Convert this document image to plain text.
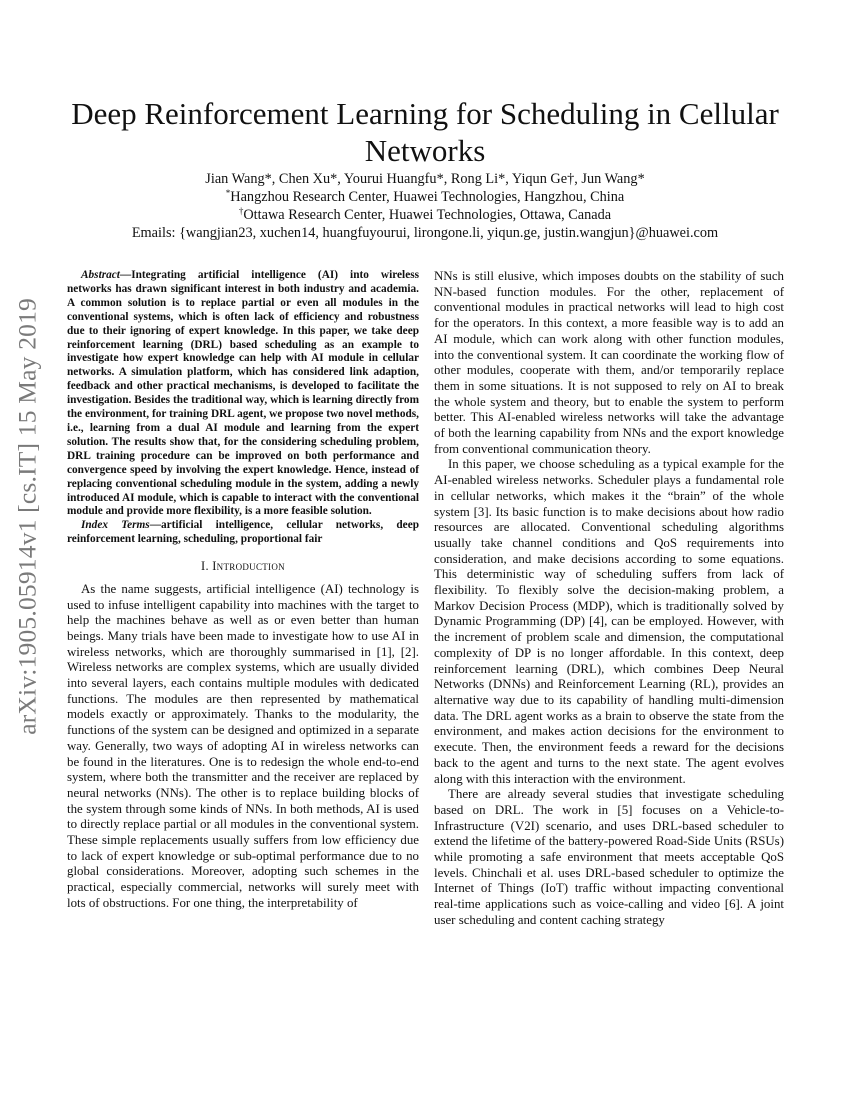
arXiv:1905.05914v1 [cs.IT] 15 May 2019
Deep Reinforcement Learning for Scheduling in Cellular Networks
Jian Wang*, Chen Xu*, Yourui Huangfu*, Rong Li*, Yiqun Ge†, Jun Wang*
*Hangzhou Research Center, Huawei Technologies, Hangzhou, China
†Ottawa Research Center, Huawei Technologies, Ottawa, Canada
Emails: {wangjian23, xuchen14, huangfuyourui, lirongone.li, yiqun.ge, justin.wangjun}@huawei.com

Abstract—Integrating artificial intelligence (AI) into wireless networks has drawn significant interest in both industry and academia. A common solution is to replace partial or even all modules in the conventional systems, which is often lack of efficiency and robustness due to their ignoring of expert knowledge. In this paper, we take deep reinforcement learning (DRL) based scheduling as an example to investigate how expert knowledge can help with AI module in cellular networks. A simulation platform, which has considered link adaption, feedback and other practical mechanisms, is developed to facilitate the investigation. Besides the traditional way, which is learning directly from the environment, for training DRL agent, we propose two novel methods, i.e., learning from a dual AI module and learning from the expert solution. The results show that, for the considering scheduling problem, DRL training procedure can be improved on both performance and convergence speed by involving the expert knowledge. Hence, instead of replacing conventional scheduling module in the system, adding a newly introduced AI module, which is capable to interact with the conventional module and provide more flexibility, is a more feasible solution.

Index Terms—artificial intelligence, cellular networks, deep reinforcement learning, scheduling, proportional fair

I. Introduction

As the name suggests, artificial intelligence (AI) technology is used to infuse intelligent capability into machines with the target to help the machines behave as well as or even better than human beings. Many trials have been made to investigate how to use AI in wireless networks, which are thoroughly summarised in [1], [2]. Wireless networks are complex systems, which are usually divided into several layers, each contains multiple modules with dedicated functions. The modules are then represented by mathematical models exactly or approximately. Thanks to the modularity, the functions of the system can be designed and optimized in a separate way. Generally, two ways of adopting AI in wireless networks can be found in the literatures. One is to redesign the whole end-to-end system, where both the transmitter and the receiver are replaced by neural networks (NNs). The other is to replace building blocks of the system through some kinds of NNs. In both methods, AI is used to directly replace partial or all modules in the conventional system. These simple replacements usually suffers from low efficiency due to lack of expert knowledge or sub-optimal performance due to no global considerations. Moreover, adopting such schemes in the practical, especially commercial, networks will surely meet with lots of obstructions. For one thing, the interpretability of

NNs is still elusive, which imposes doubts on the stability of such NN-based function modules. For the other, replacement of conventional modules in practical networks will lead to high cost for the operators. In this context, a more feasible way is to add an AI module, which can work along with other function modules, into the conventional system. It can coordinate the working flow of other modules, cooperate with them, and/or temporarily replace them in some situations. It is not supposed to rely on AI to break the whole system and theory, but to enable the system to perform better. This AI-enabled wireless networks will take the advantage of both the learning capability from NNs and the export knowledge from conventional communication theory.

In this paper, we choose scheduling as a typical example for the AI-enabled wireless networks. Scheduler plays a fundamental role in cellular networks, which makes it the “brain” of the whole system [3]. Its basic function is to make decisions about how radio resources are allocated. Conventional scheduling algorithms usually take channel conditions and QoS requirements into consideration, and make decisions according to some equations. This deterministic way of scheduling suffers from lack of flexibility. To flexibly solve the decision-making problem, a Markov Decision Process (MDP), which is traditionally solved by Dynamic Programming (DP) [4], can be employed. However, with the increment of problem scale and dimension, the computational complexity of DP is no longer affordable. In this context, deep reinforcement learning (DRL), which combines Deep Neural Networks (DNNs) and Reinforcement Learning (RL), provides an alternative way due to its capability of handling multi-dimension data. The DRL agent works as a brain to observe the state from the environment, and makes action decisions for the environment to execute. Then, the environment feeds a reward for the decisions back to the agent and turns to the next state. The agent evolves along with this interaction with the environment.

There are already several studies that investigate scheduling based on DRL. The work in [5] focuses on a Vehicle-to-Infrastructure (V2I) scenario, and uses DRL-based scheduler to extend the lifetime of the battery-powered Road-Side Units (RSUs) while promoting a safe environment that meets acceptable QoS levels. Chinchali et al. uses DRL-based scheduler to optimize the Internet of Things (IoT) traffic without impacting conventional real-time applications such as voice-calling and video [6]. A joint user scheduling and content caching strategy
